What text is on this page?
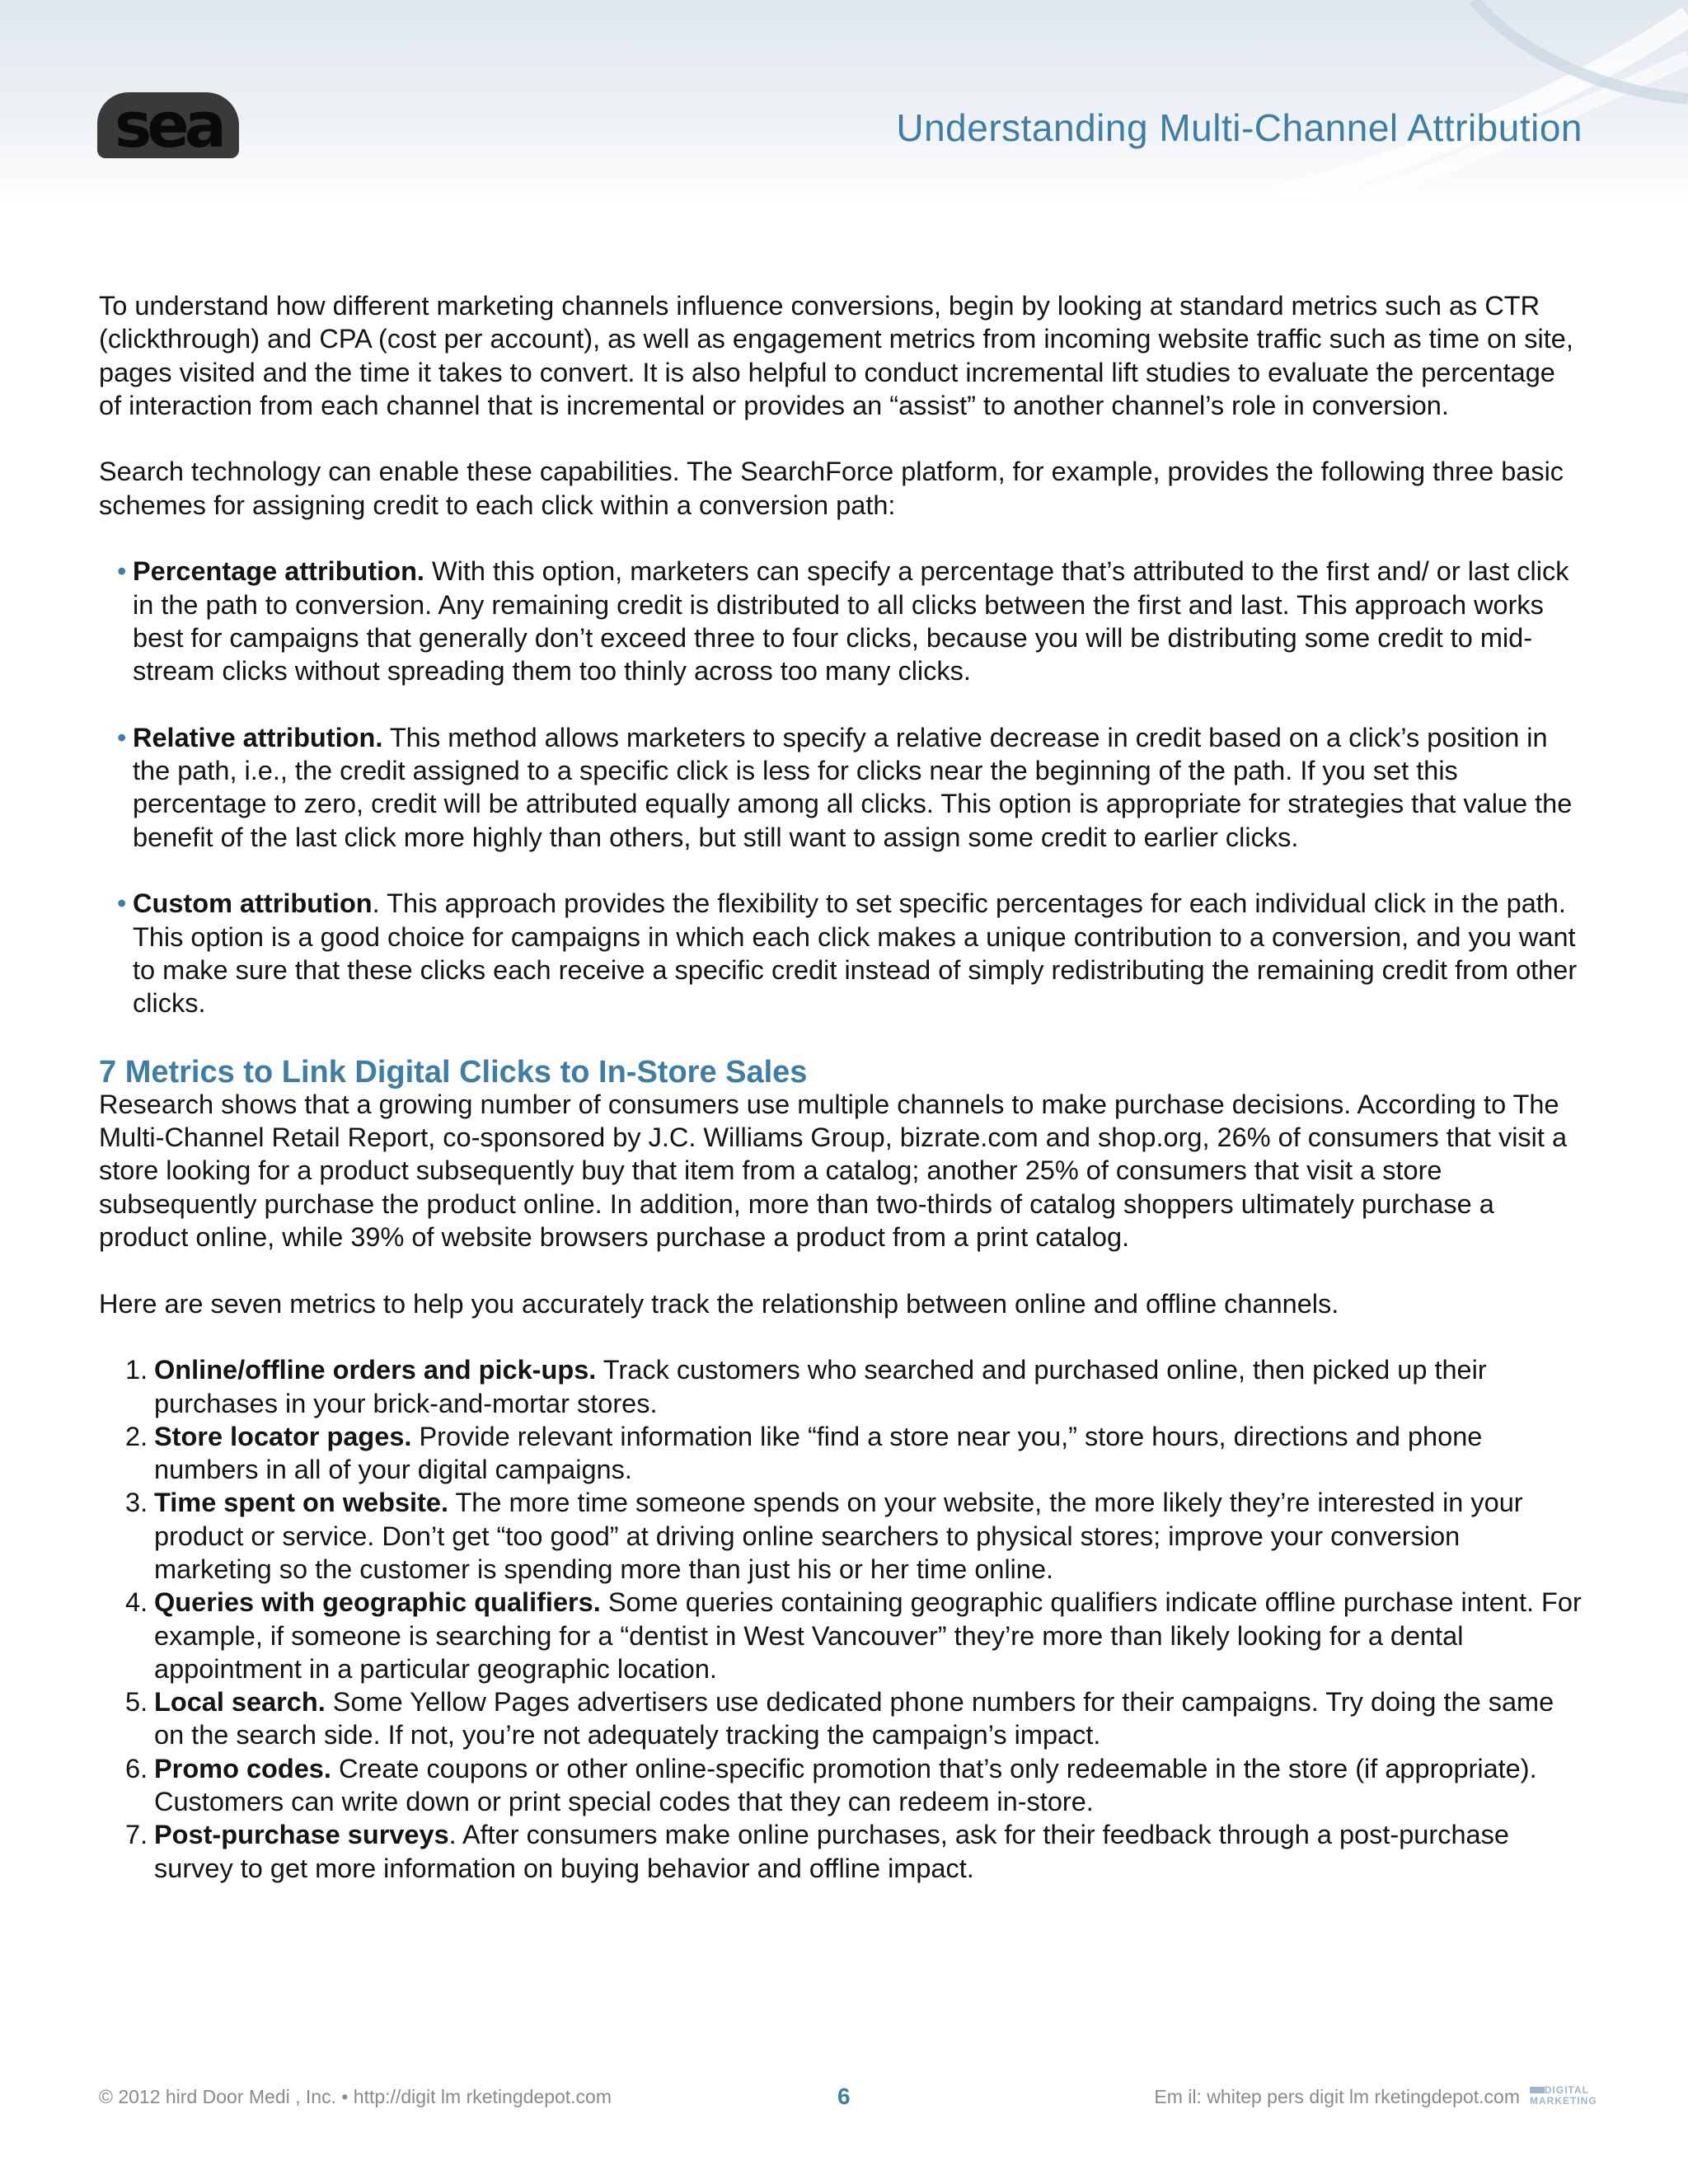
sea	Understanding Multi-Channel Attribution

To understand how different marketing channels influence conversions, begin by looking at standard metrics such as CTR (clickthrough) and CPA (cost per account), as well as engagement metrics from incoming website traffic such as time on site, pages visited and the time it takes to convert. It is also helpful to conduct incremental lift studies to evaluate the percentage of interaction from each channel that is incremental or provides an “assist” to another channel’s role in conversion.

Search technology can enable these capabilities. The SearchForce platform, for example, provides the following three basic schemes for assigning credit to each click within a conversion path:

• Percentage attribution. With this option, marketers can specify a percentage that’s attributed to the first and/ or last click in the path to conversion. Any remaining credit is distributed to all clicks between the first and last. This approach works best for campaigns that generally don’t exceed three to four clicks, because you will be distributing some credit to mid-stream clicks without spreading them too thinly across too many clicks.
• Relative attribution. This method allows marketers to specify a relative decrease in credit based on a click’s position in the path, i.e., the credit assigned to a specific click is less for clicks near the beginning of the path. If you set this percentage to zero, credit will be attributed equally among all clicks. This option is appropriate for strategies that value the benefit of the last click more highly than others, but still want to assign some credit to earlier clicks.
• Custom attribution. This approach provides the flexibility to set specific percentages for each individual click in the path. This option is a good choice for campaigns in which each click makes a unique contribution to a conversion, and you want to make sure that these clicks each receive a specific credit instead of simply redistributing the remaining credit from other clicks.
7 Metrics to Link Digital Clicks to In-Store Sales

Research shows that a growing number of consumers use multiple channels to make purchase decisions. According to The Multi-Channel Retail Report, co-sponsored by J.C. Williams Group, bizrate.com and shop.org, 26% of consumers that visit a store looking for a product subsequently buy that item from a catalog; another 25% of consumers that visit a store subsequently purchase the product online. In addition, more than two-thirds of catalog shoppers ultimately purchase a product online, while 39% of website browsers purchase a product from a print catalog.

Here are seven metrics to help you accurately track the relationship between online and offline channels.

1. Online/offline orders and pick-ups. Track customers who searched and purchased online, then picked up their purchases in your brick-and-mortar stores.
2. Store locator pages. Provide relevant information like “find a store near you,” store hours, directions and phone numbers in all of your digital campaigns.
3. Time spent on website. The more time someone spends on your website, the more likely they’re interested in your product or service. Don’t get “too good” at driving online searchers to physical stores; improve your conversion marketing so the customer is spending more than just his or her time online.
4. Queries with geographic qualifiers. Some queries containing geographic qualifiers indicate offline purchase intent. For example, if someone is searching for a “dentist in West Vancouver” they’re more than likely looking for a dental appointment in a particular geographic location.
5. Local search. Some Yellow Pages advertisers use dedicated phone numbers for their campaigns. Try doing the same on the search side. If not, you’re not adequately tracking the campaign’s impact.
6. Promo codes. Create coupons or other online-specific promotion that’s only redeemable in the store (if appropriate). Customers can write down or print special codes that they can redeem in-store.
7. Post-purchase surveys. After consumers make online purchases, ask for their feedback through a post-purchase survey to get more information on buying behavior and offline impact.
© 2012 hird Door Medi , Inc. • http://digit lm rketingdepot.com	6	Em il: whitep pers digit lm rketingdepot.com	DIGITAL
MARKETING
